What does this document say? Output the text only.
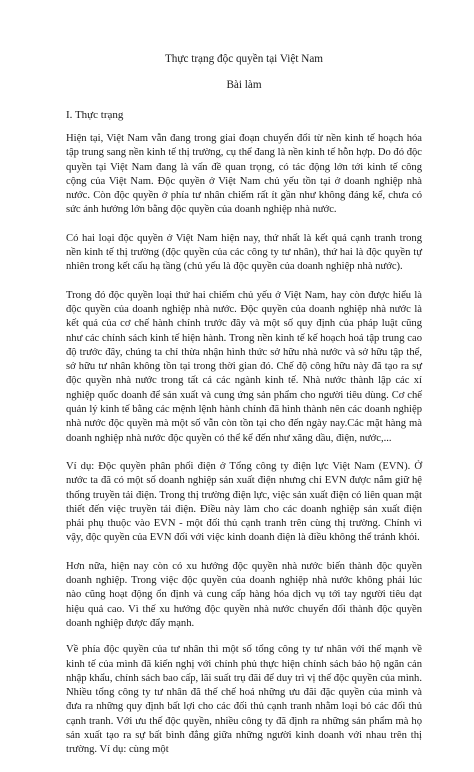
Thực trạng độc quyền tại Việt Nam
Bài làm
I. Thực trạng

Hiện tại, Việt Nam vẫn đang trong giai đoạn chuyển đổi từ nền kinh tế hoạch hóa tập trung sang nền kinh tế thị trường, cụ thể đang là nền kinh tế hỗn hợp. Do đó độc quyền tại Việt Nam đang là vấn đề quan trọng, có tác động lớn tới kinh tế công cộng của Việt Nam. Độc quyền ở Việt Nam chủ yếu tồn tại ở doanh nghiệp nhà nước. Còn độc quyền ở phía tư nhân chiếm rất ít gần như không đáng kể, chưa có sức ảnh hưởng lớn bằng độc quyền của doanh nghiệp nhà nước.

Có hai loại độc quyền ở Việt Nam hiện nay, thứ nhất là kết quả cạnh tranh trong nền kinh tế thị trường (độc quyền của các công ty tư nhân), thứ hai là độc quyền tự nhiên trong kết cấu hạ tầng (chủ yếu là độc quyền của doanh nghiệp nhà nước).

Trong đó độc quyền loại thứ hai chiếm chủ yếu ở Việt Nam, hay còn được hiểu là độc quyền của doanh nghiệp nhà nước. Độc quyền của doanh nghiệp nhà nước là kết quả của cơ chế hành chính trước đây và một số quy định của pháp luật cũng như các chính sách kinh tế hiện hành. Trong nền kinh tế kế hoạch hoá tập trung cao độ trước đây, chúng ta chỉ thừa nhận hình thức sở hữu nhà nước và sở hữu tập thể, sở hữu tư nhân không tồn tại trong thời gian đó. Chế độ công hữu này đã tạo ra sự độc quyền nhà nước trong tất cả các ngành kinh tế. Nhà nước thành lập các xí nghiệp quốc doanh để sản xuất và cung ứng sản phẩm cho người tiêu dùng. Cơ chế quản lý kinh tế bằng các mệnh lệnh hành chính đã hình thành nên các doanh nghiệp nhà nước độc quyền mà một số vẫn còn tồn tại cho đến ngày nay.Các mặt hàng mà doanh nghiệp nhà nước độc quyền có thể kể đến như xăng dầu, điện, nước,...

Ví dụ: Độc quyền phân phối điện ở Tổng công ty điện lực Việt Nam (EVN). Ở nước ta đã có một số doanh nghiệp sản xuất điện nhưng chỉ EVN được nắm giữ hệ thống truyền tải điện. Trong thị trường điện lực, việc sản xuất điện có liên quan mật thiết đến việc truyền tải điện. Điều này làm cho các doanh nghiệp sản xuất điện phải phụ thuộc vào EVN - một đối thủ cạnh tranh trên cùng thị trường. Chính vì vậy, độc quyền của EVN đối với việc kinh doanh điện là điều không thể tránh khỏi.

Hơn nữa, hiện nay còn có xu hướng độc quyền nhà nước biến thành độc quyền doanh nghiệp. Trong việc độc quyền của doanh nghiệp nhà nước không phải lúc nào cũng hoạt động ổn định và cung cấp hàng hóa dịch vụ tới tay người tiêu dạt hiệu quả cao. Vì thế xu hướng độc quyền nhà nước chuyển đổi thành độc quyền doanh nghiệp được đẩy mạnh.

Về phía độc quyền của tư nhân thì một số tổng công ty tư nhân với thế mạnh về kinh tế của mình đã kiến nghị với chính phủ thực hiện chính sách bảo hộ ngăn cản nhập khẩu, chính sách bao cấp, lãi suất trụ đãi để duy trì vị thế độc quyền của mình. Nhiều tổng công ty tư nhân đã thế chế hoá những ưu đãi đặc quyền của mình và đưa ra những quy định bất lợi cho các đối thủ cạnh tranh nhằm loại bỏ các đối thủ cạnh tranh. Với ưu thế độc quyền, nhiều công ty đã định ra những sản phẩm mà họ sản xuất tạo ra sự bất bình đẳng giữa những người kinh doanh với nhau trên thị trường. Ví dụ: cùng một
